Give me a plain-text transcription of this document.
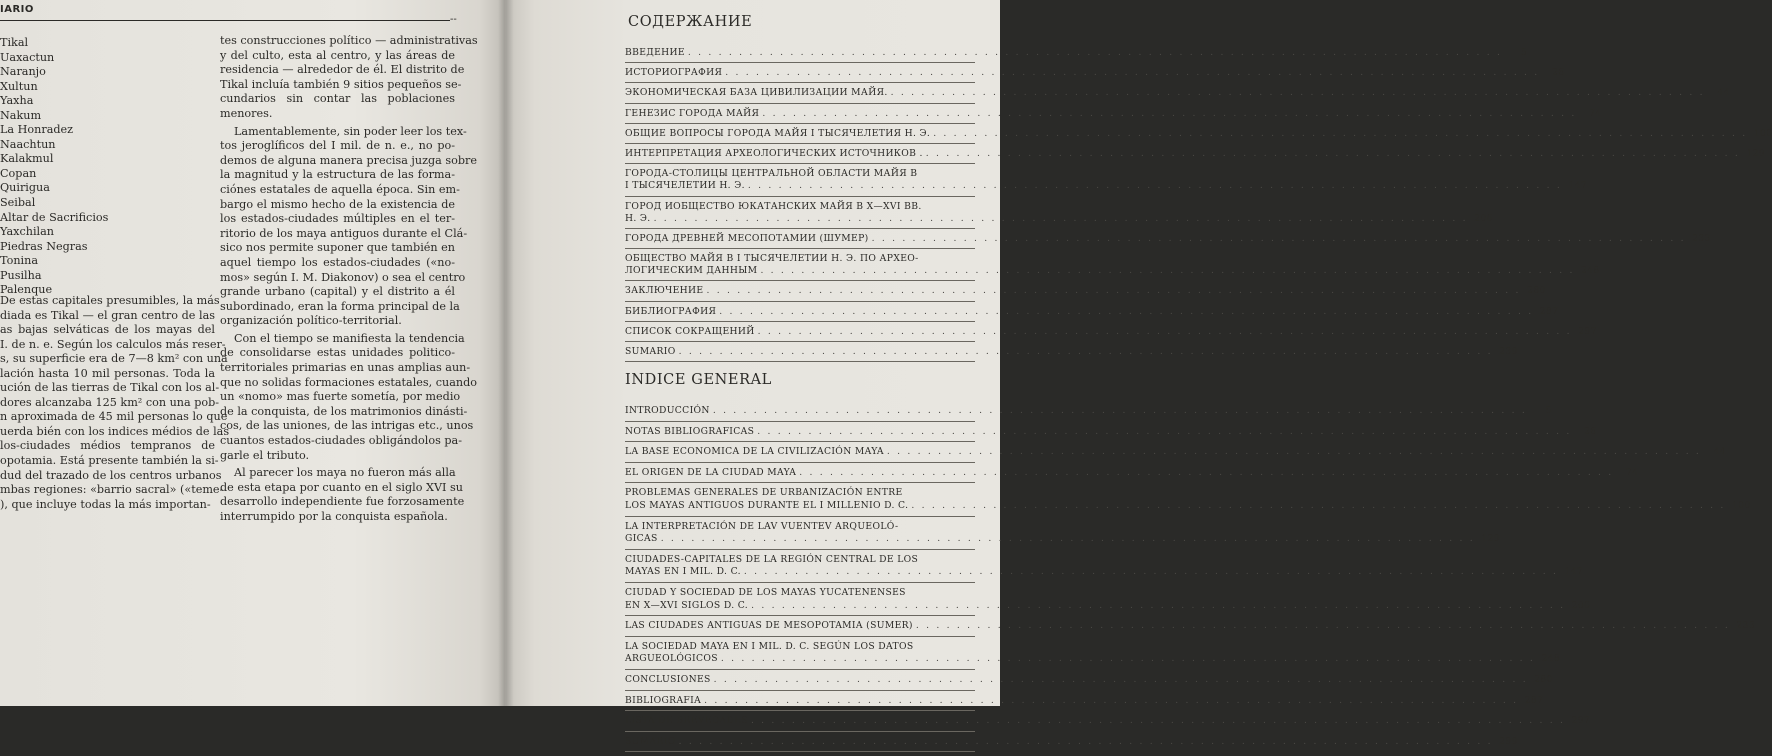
IARIO
--
Tikal
Uaxactun
Naranjo
Xultun
Yaxha
Nakum
La Honradez
Naachtun
Kalakmul
Copan
Quirigua
Seibal
Altar de Sacrificios
Yaxchilan
Piedras Negras
Tonina
Pusilha
Palenque
De estas capitales presumibles, la más
diada es Tikal — el gran centro de las
as bajas selváticas de los mayas del
I. de n. e. Según los calculos más reser-
s, su superficie era de 7—8 km² con una
lación hasta 10 mil personas. Toda la
ución de las tierras de Tikal con los al-
dores alcanzaba 125 km² con una pob-
n aproximada de 45 mil personas lo que
uerda bién con los indices médios de las
los-ciudades médios tempranos de
opotamia. Está presente también la si-
dud del trazado de los centros urbanos
mbas regiones: «barrio sacral» («teme-
), que incluye todas la más importan-
tes construcciones político — administrativas
y del culto, esta al centro, y las áreas de
residencia — alrededor de él. El distrito de
Tikal incluía también 9 sitios pequeños se-
cundarios sin contar las poblaciones
menores.
Lamentablemente, sin poder leer los tex-
tos jeroglíficos del I mil. de n. e., no po-
demos de alguna manera precisa juzga sobre
la magnitud y la estructura de las forma-
ciónes estatales de aquella época. Sin em-
bargo el mismo hecho de la existencia de
los estados-ciudades múltiples en el ter-
ritorio de los maya antiguos durante el Clá-
sico nos permite suponer que también en
aquel tiempo los estados-ciudades («no-
mos» según I. M. Diakonov) o sea el centro
grande urbano (capital) y el distrito a él
subordinado, eran la forma principal de la
organización político-territorial.
Con el tiempo se manifiesta la tendencia
de consolidarse estas unidades politico-
territoriales primarias en unas amplias aun-
que no solidas formaciones estatales, cuando
un «nomo» mas fuerte sometía, por medio
de la conquista, de los matrimonios dinásti-
cos, de las uniones, de las intrigas etc., unos
cuantos estados-ciudades obligándolos pa-
garle el tributo.
Al parecer los maya no fueron más alla
de esta etapa por cuanto en el siglo XVI su
desarrollo independiente fue forzosamente
interrumpido por la conquista española.
СОДЕРЖАНИЕ
ВВЕДЕНИЕ . . . . . . . . . . . . . . . . . . . . . . . . . . . . . . . . . . . . . . . . . . . . . . . . . . . . . . . . . . . . . . . . . . . . . . . . . . . . . . . .	5
ИСТОРИОГРАФИЯ . . . . . . . . . . . . . . . . . . . . . . . . . . . . . . . . . . . . . . . . . . . . . . . . . . . . . . . . . . . . . . . . . . . . . . . . . . . . . . . .	26
ЭКОНОМИЧЕСКАЯ БАЗА ЦИВИЛИЗАЦИИ МАЙЯ. . . . . . . . . . . . . . . . . . . . . . . . . . . . . . . . . . . . . . . . . . . . . . . . . . . . . . . . . . . . . . . . . . . . . . . . . . . . . . . . .	44
ГЕНЕЗИС ГОРОДА МАЙЯ . . . . . . . . . . . . . . . . . . . . . . . . . . . . . . . . . . . . . . . . . . . . . . . . . . . . . . . . . . . . . . . . . . . . . . . . . . . . . . . .	74
ОБЩИЕ ВОПРОСЫ ГОРОДА МАЙЯ I ТЫСЯЧЕЛЕТИЯ Н. Э. . . . . . . . . . . . . . . . . . . . . . . . . . . . . . . . . . . . . . . . . . . . . . . . . . . . . . . . . . . . . . . . . . . . . . . . . . . . . . . . . 100
ИНТЕРПРЕТАЦИЯ АРХЕОЛОГИЧЕСКИХ ИСТОЧНИКОВ . . . . . . . . . . . . . . . . . . . . . . . . . . . . . . . . . . . . . . . . . . . . . . . . . . . . . . . . . . . . . . . . . . . . . . . . . . . . . . . . . 129
ГОРОДА-СТОЛИЦЫ ЦЕНТРАЛЬНОЙ ОБЛАСТИ МАЙЯ В
I ТЫСЯЧЕЛЕТИИ Н. Э. . . . . . . . . . . . . . . . . . . . . . . . . . . . . . . . . . . . . . . . . . . . . . . . . . . . . . . . . . . . . . . . . . . . . . . . . . . . . . . . . 147
ГОРОД ИОБЩЕСТВО ЮКАТАНСКИХ МАЙЯ В X—XVI ВВ.
Н. Э. . . . . . . . . . . . . . . . . . . . . . . . . . . . . . . . . . . . . . . . . . . . . . . . . . . . . . . . . . . . . . . . . . . . . . . . . . . . . . . . . 206
ГОРОДА ДРЕВНЕЙ МЕСОПОТАМИИ (ШУМЕР) . . . . . . . . . . . . . . . . . . . . . . . . . . . . . . . . . . . . . . . . . . . . . . . . . . . . . . . . . . . . . . . . . . . . . . . . . . . . . . . . 233
ОБЩЕСТВО МАЙЯ В I ТЫСЯЧЕЛЕТИИ Н. Э. ПО АРХЕО-
ЛОГИЧЕСКИМ ДАННЫМ . . . . . . . . . . . . . . . . . . . . . . . . . . . . . . . . . . . . . . . . . . . . . . . . . . . . . . . . . . . . . . . . . . . . . . . . . . . . . . . . 248
ЗАКЛЮЧЕНИЕ . . . . . . . . . . . . . . . . . . . . . . . . . . . . . . . . . . . . . . . . . . . . . . . . . . . . . . . . . . . . . . . . . . . . . . . . . . . . . . . . 280
БИБЛИОГРАФИЯ . . . . . . . . . . . . . . . . . . . . . . . . . . . . . . . . . . . . . . . . . . . . . . . . . . . . . . . . . . . . . . . . . . . . . . . . . . . . . . . . 287
СПИСОК СОКРАЩЕНИЙ . . . . . . . . . . . . . . . . . . . . . . . . . . . . . . . . . . . . . . . . . . . . . . . . . . . . . . . . . . . . . . . . . . . . . . . . . . . . . . . . 297
SUMARIO . . . . . . . . . . . . . . . . . . . . . . . . . . . . . . . . . . . . . . . . . . . . . . . . . . . . . . . . . . . . . . . . . . . . . . . . . . . . . . . . 239
INDICE GENERAL
INTRODUCCIÓN . . . . . . . . . . . . . . . . . . . . . . . . . . . . . . . . . . . . . . . . . . . . . . . . . . . . . . . . . . . . . . . . . . . . . . . . . . . . . . . .	5
NOTAS BIBLIOGRAFICAS . . . . . . . . . . . . . . . . . . . . . . . . . . . . . . . . . . . . . . . . . . . . . . . . . . . . . . . . . . . . . . . . . . . . . . . . . . . . . . . .	26
LA BASE ECONOMICA DE LA CIVILIZACIÓN MAYA . . . . . . . . . . . . . . . . . . . . . . . . . . . . . . . . . . . . . . . . . . . . . . . . . . . . . . . . . . . . . . . . . . . . . . . . . . . . . . . .	44
EL ORIGEN DE LA CIUDAD MAYA . . . . . . . . . . . . . . . . . . . . . . . . . . . . . . . . . . . . . . . . . . . . . . . . . . . . . . . . . . . . . . . . . . . . . . . . . . . . . . . .	74
PROBLEMAS GENERALES DE URBANIZACIÓN ENTRE
LOS MAYAS ANTIGUOS DURANTE EL I MILLENIO D. C. . . . . . . . . . . . . . . . . . . . . . . . . . . . . . . . . . . . . . . . . . . . . . . . . . . . . . . . . . . . . . . . . . . . . . . . . . . . . . . . . 100
LA INTERPRETACIÓN DE LAV VUENTEV ARQUEOLÓ-
GICAS . . . . . . . . . . . . . . . . . . . . . . . . . . . . . . . . . . . . . . . . . . . . . . . . . . . . . . . . . . . . . . . . . . . . . . . . . . . . . . . . 129
CIUDADES-CAPITALES DE LA REGIÓN CENTRAL DE LOS
MAYAS EN I MIL. D. C. . . . . . . . . . . . . . . . . . . . . . . . . . . . . . . . . . . . . . . . . . . . . . . . . . . . . . . . . . . . . . . . . . . . . . . . . . . . . . . . . 147
CIUDAD Y SOCIEDAD DE LOS MAYAS YUCATENENSES
EN X—XVI SIGLOS D. C. . . . . . . . . . . . . . . . . . . . . . . . . . . . . . . . . . . . . . . . . . . . . . . . . . . . . . . . . . . . . . . . . . . . . . . . . . . . . . . . . 206
LAS CIUDADES ANTIGUAS DE MESOPOTAMIA (SUMER) . . . . . . . . . . . . . . . . . . . . . . . . . . . . . . . . . . . . . . . . . . . . . . . . . . . . . . . . . . . . . . . . . . . . . . . . . . . . . . . . 233
LA SOCIEDAD MAYA EN I MIL. D. C. SEGÚN LOS DATOS
ARGUEOLÓGICOS . . . . . . . . . . . . . . . . . . . . . . . . . . . . . . . . . . . . . . . . . . . . . . . . . . . . . . . . . . . . . . . . . . . . . . . . . . . . . . . . 248
CONCLUSIONES . . . . . . . . . . . . . . . . . . . . . . . . . . . . . . . . . . . . . . . . . . . . . . . . . . . . . . . . . . . . . . . . . . . . . . . . . . . . . . . . 280
BIBLIOGRAFIA . . . . . . . . . . . . . . . . . . . . . . . . . . . . . . . . . . . . . . . . . . . . . . . . . . . . . . . . . . . . . . . . . . . . . . . . . . . . . . . . 287
LISTA DE BREVEDADES . . . . . . . . . . . . . . . . . . . . . . . . . . . . . . . . . . . . . . . . . . . . . . . . . . . . . . . . . . . . . . . . . . . . . . . . . . . . . . . . 297
SUMARIO . . . . . . . . . . . . . . . . . . . . . . . . . . . . . . . . . . . . . . . . . . . . . . . . . . . . . . . . . . . . . . . . . . . . . . . . . . . . . . . . 299
